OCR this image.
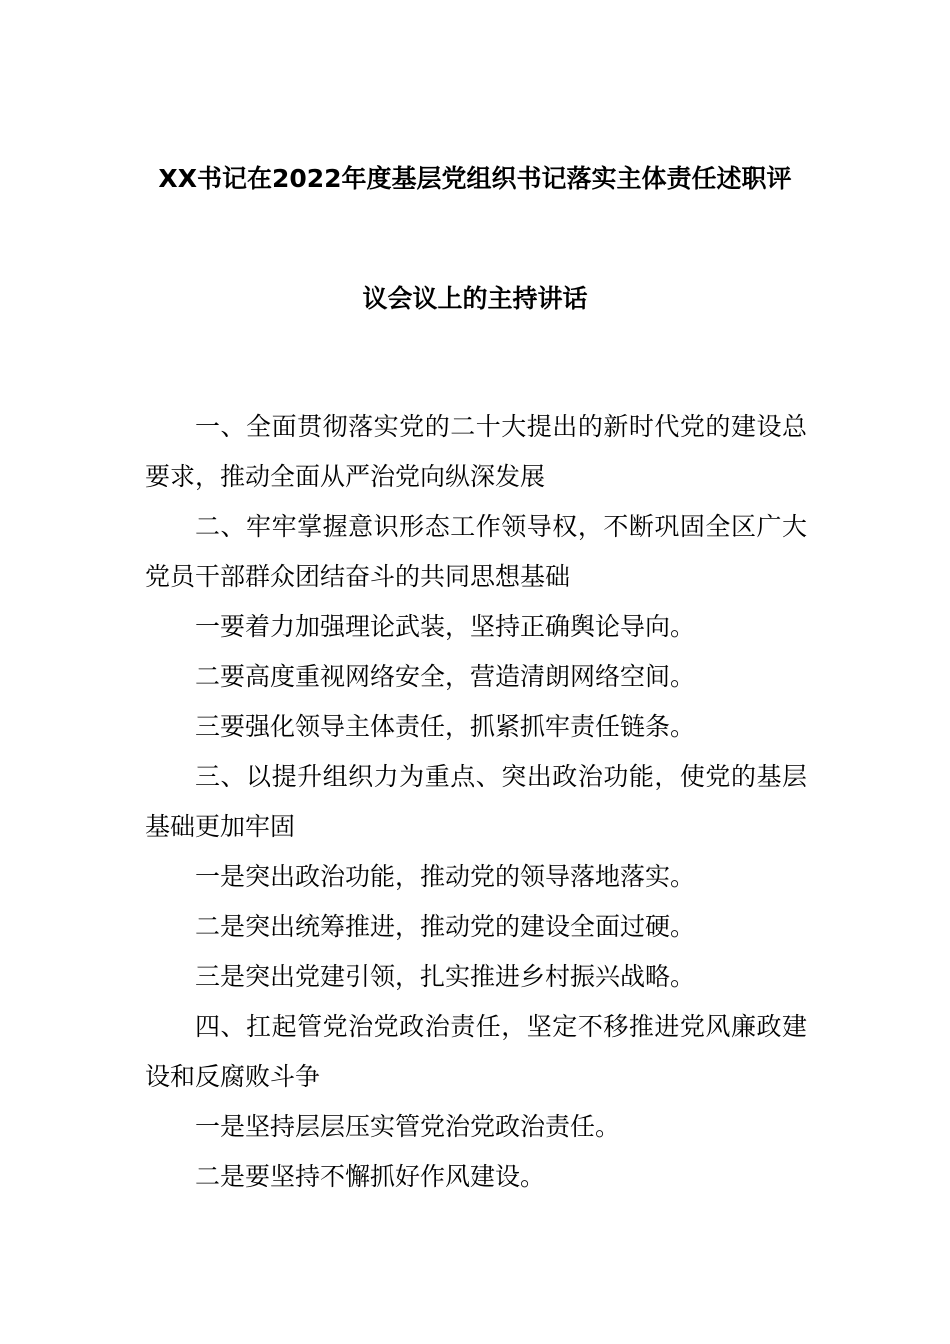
XX书记在2022年度基层党组织书记落实主体责任述职评
议会议上的主持讲话

一、全面贯彻落实党的二十大提出的新时代党的建设总要求，推动全面从严治党向纵深发展

二、牢牢掌握意识形态工作领导权，不断巩固全区广大党员干部群众团结奋斗的共同思想基础

一要着力加强理论武装，坚持正确舆论导向。

二要高度重视网络安全，营造清朗网络空间。

三要强化领导主体责任，抓紧抓牢责任链条。

三、以提升组织力为重点、突出政治功能，使党的基层基础更加牢固

一是突出政治功能，推动党的领导落地落实。

二是突出统筹推进，推动党的建设全面过硬。

三是突出党建引领，扎实推进乡村振兴战略。

四、扛起管党治党政治责任，坚定不移推进党风廉政建设和反腐败斗争

一是坚持层层压实管党治党政治责任。

二是要坚持不懈抓好作风建设。
